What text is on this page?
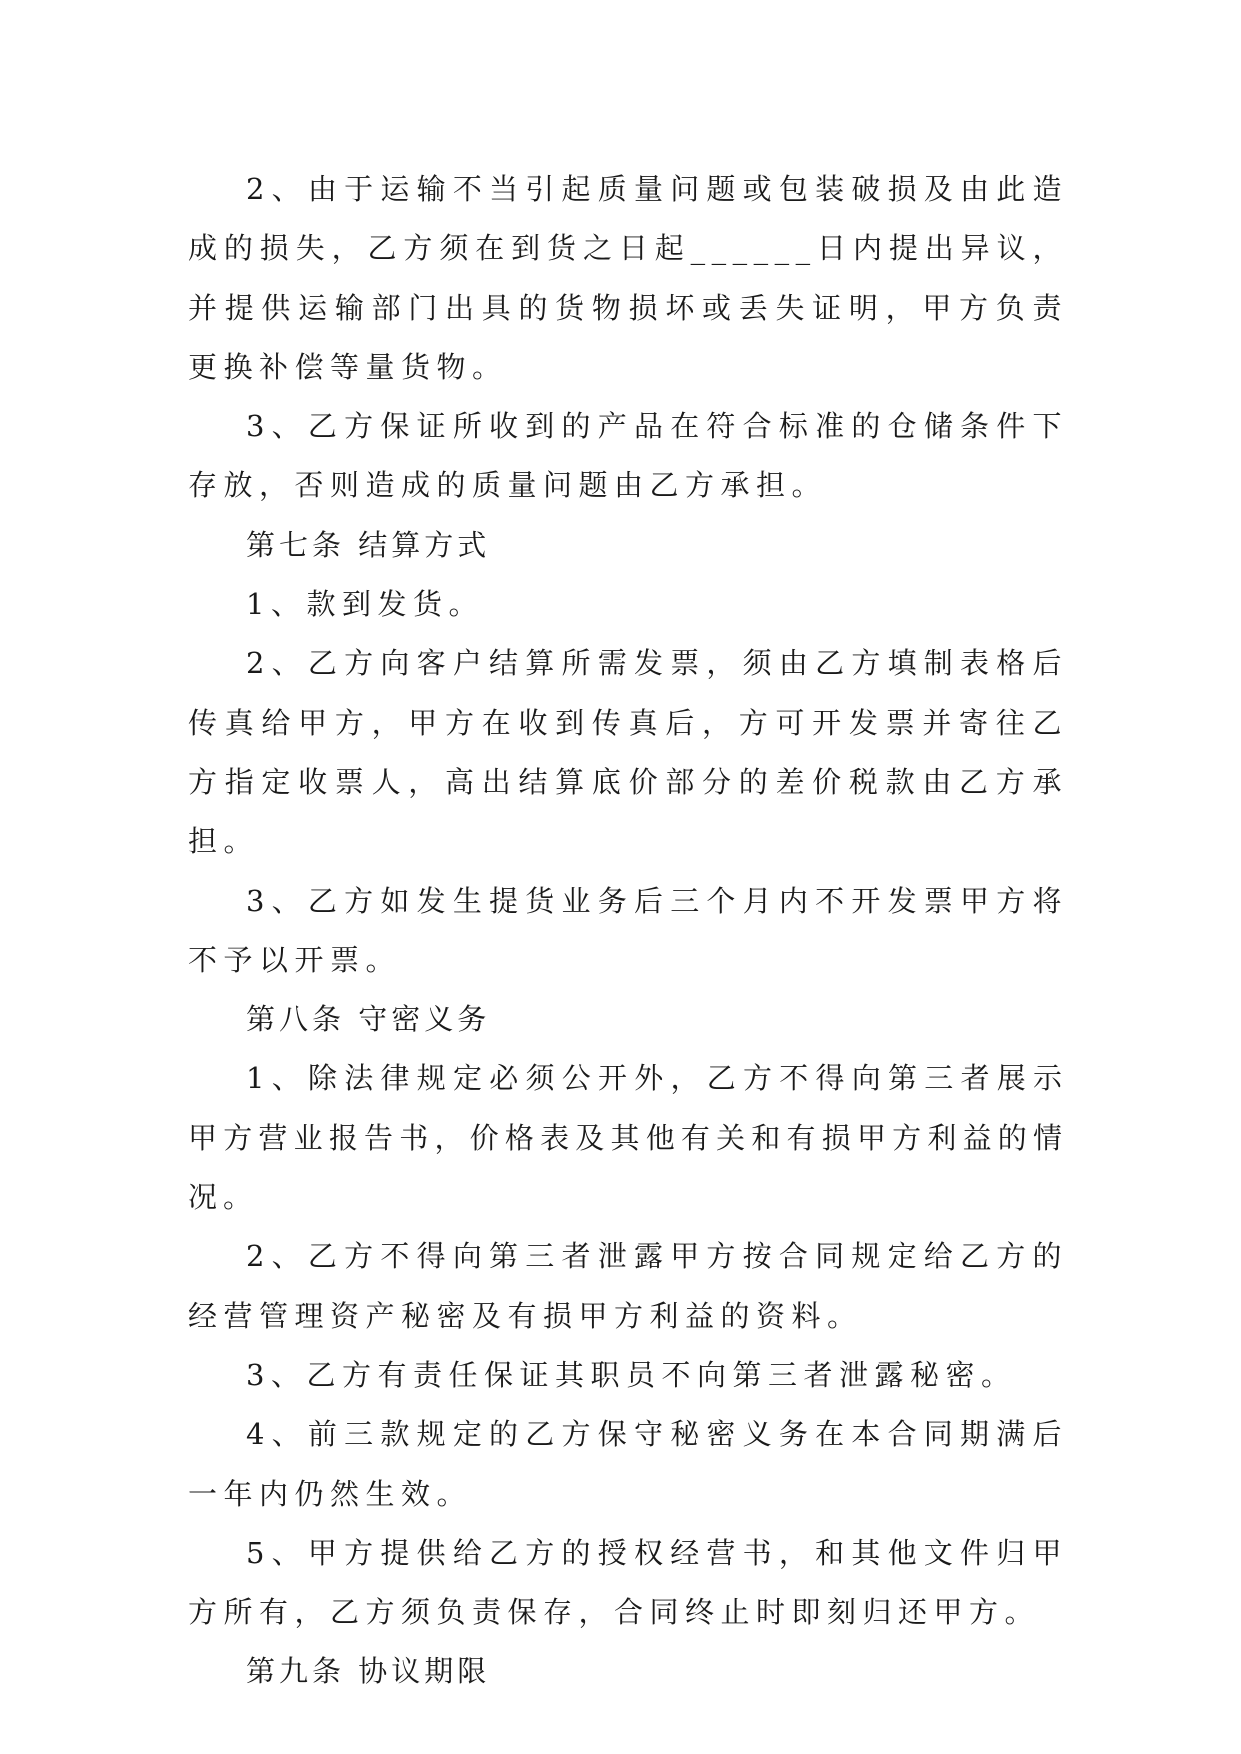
2、由于运输不当引起质量问题或包装破损及由此造成的损失，乙方须在到货之日起______日内提出异议，并提供运输部门出具的货物损坏或丢失证明，甲方负责更换补偿等量货物。

3、乙方保证所收到的产品在符合标准的仓储条件下存放，否则造成的质量问题由乙方承担。

第七条 结算方式

1、款到发货。

2、乙方向客户结算所需发票，须由乙方填制表格后传真给甲方，甲方在收到传真后，方可开发票并寄往乙方指定收票人，高出结算底价部分的差价税款由乙方承担。

3、乙方如发生提货业务后三个月内不开发票甲方将不予以开票。

第八条 守密义务

1、除法律规定必须公开外，乙方不得向第三者展示甲方营业报告书，价格表及其他有关和有损甲方利益的情况。

2、乙方不得向第三者泄露甲方按合同规定给乙方的经营管理资产秘密及有损甲方利益的资料。

3、乙方有责任保证其职员不向第三者泄露秘密。

4、前三款规定的乙方保守秘密义务在本合同期满后一年内仍然生效。

5、甲方提供给乙方的授权经营书，和其他文件归甲方所有，乙方须负责保存，合同终止时即刻归还甲方。

第九条 协议期限
